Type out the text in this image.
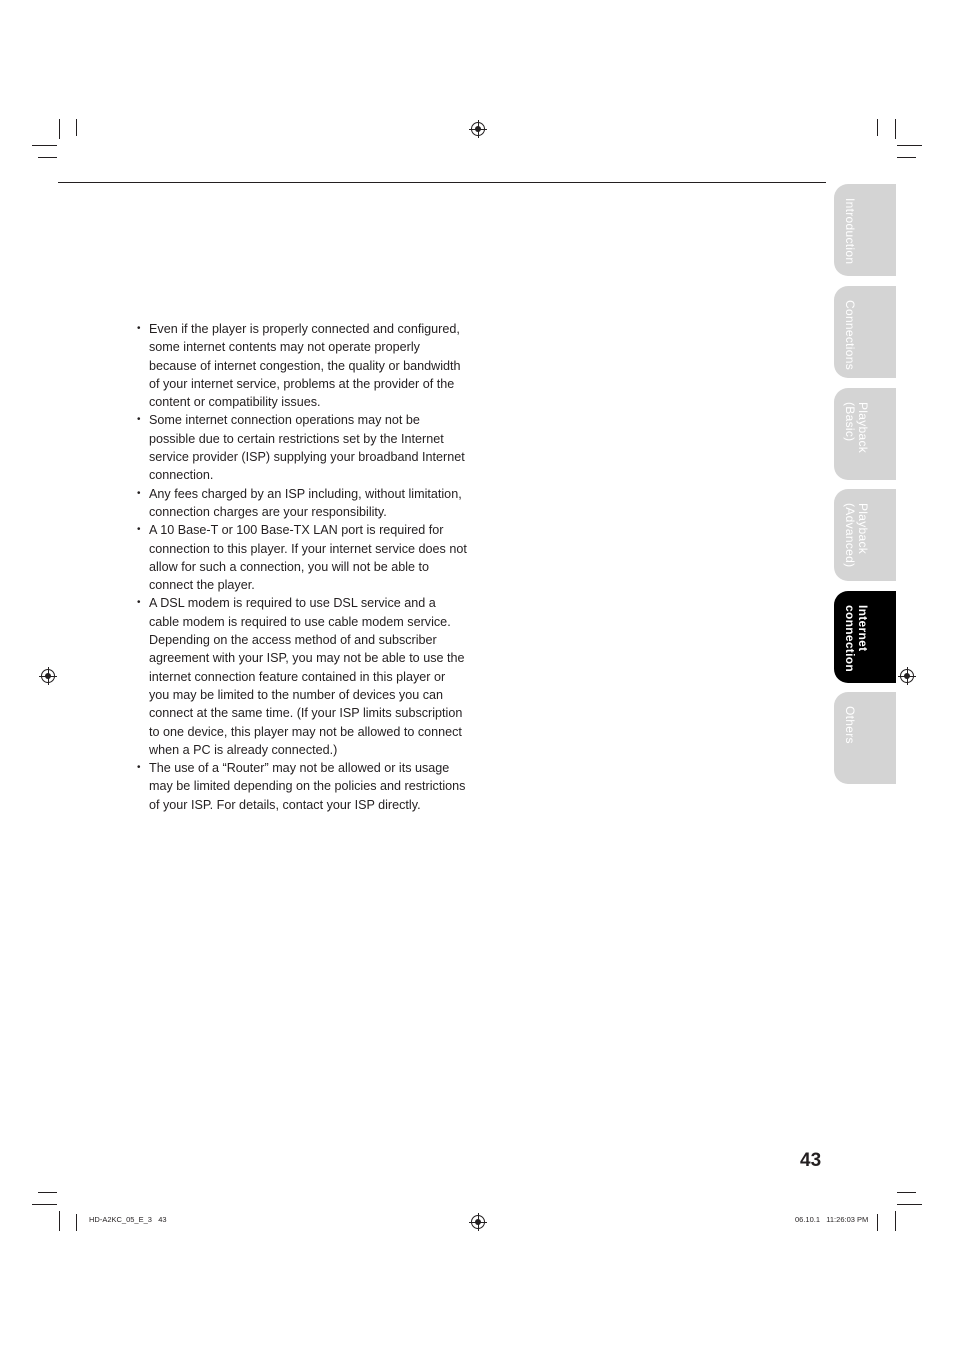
• Even if the player is properly connected and configured, some internet contents may not operate properly because of internet congestion, the quality or bandwidth of your internet service, problems at the provider of the content or compatibility issues.
• Some internet connection operations may not be possible due to certain restrictions set by the Internet service provider (ISP) supplying your broadband Internet connection.
• Any fees charged by an ISP including, without limitation, connection charges are your responsibility.
• A 10 Base-T or 100 Base-TX LAN port is required for connection to this player. If your internet service does not allow for such a connection, you will not be able to connect the player.
• A DSL modem is required to use DSL service and a cable modem is required to use cable modem service. Depending on the access method of and subscriber agreement with your ISP, you may not be able to use the internet connection feature contained in this player or you may be limited to the number of devices you can connect at the same time. (If your ISP limits subscription to one device, this player may not be allowed to connect when a PC is already connected.)
• The use of a “Router” may not be allowed or its usage may be limited depending on the policies and restrictions of your ISP. For details, contact your ISP directly.
Introduction
Connections
Playback
(Basic)
Playback
(Advanced)
Internet
connection
Others
43
HD-A2KC_05_E_3   43	06.10.1   11:26:03 PM
